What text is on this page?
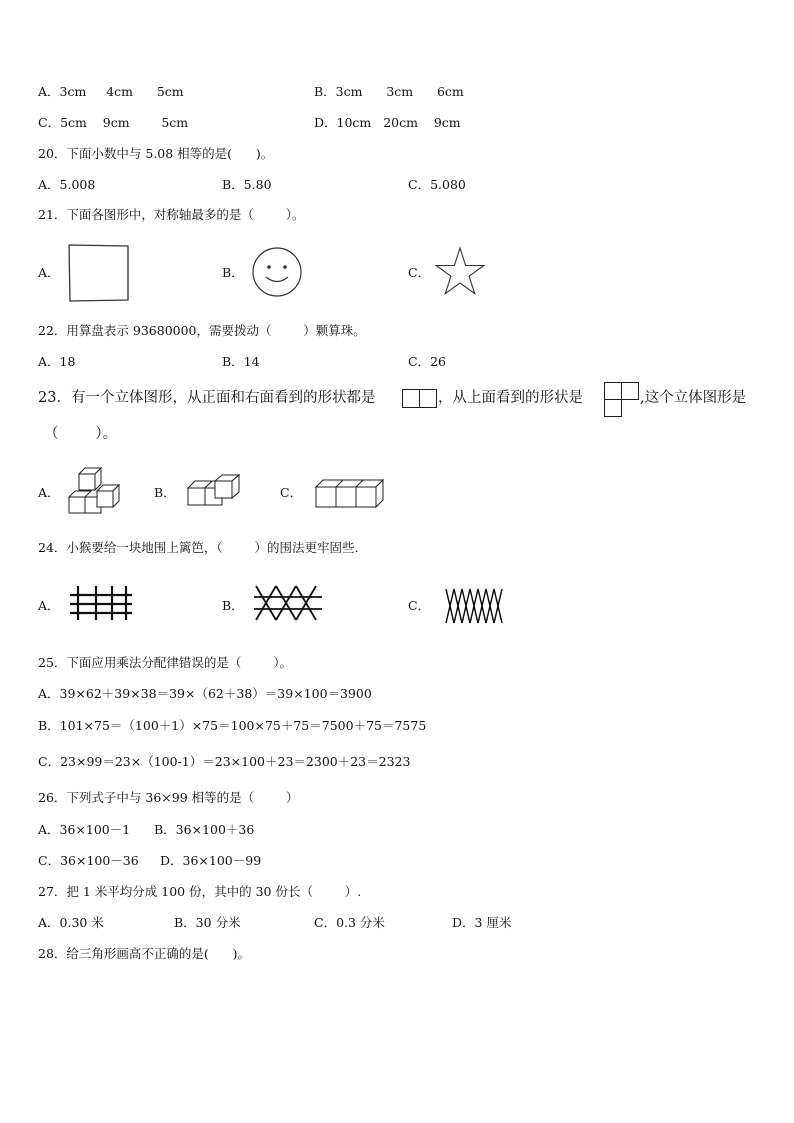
A．3cm     4cm      5cm	B．3cm      3cm      6cm
C．5cm    9cm        5cm	D．10cm   20cm    9cm
20．下面小数中与 5.08 相等的是(      )。
A．5.008	B．5.80	C．5.080
21．下面各图形中，对称轴最多的是（        ）。
A．	B．	C．
22．用算盘表示 93680000，需要拨动（        ）颗算珠。
A．18	B．14	C．26
23．有一个立体图形，从正面和右面看到的形状都是	，从上面看到的形状是	,这个立体图形是
（        ）。
A．	B．	C．
24．小猴要给一块地围上篱笆，（        ）的围法更牢固些.
A．	B．	C．
25．下面应用乘法分配律错误的是（        ）。
A．39×62＋39×38＝39×（62＋38）＝39×100＝3900
B．101×75＝（100＋1）×75＝100×75＋75＝7500＋75＝7575
C．23×99＝23×（100-1）＝23×100＋23＝2300＋23＝2323
26．下列式子中与 36×99 相等的是（        ）
A．36×100－1 B．36×100＋36
C．36×100－36 D．36×100－99
27．把 1 米平均分成 100 份，其中的 30 份长（        ）.
A．0.30 米	B．30 分米	C．0.3 分米	D．3 厘米
28．给三角形画高不正确的是(      )。
